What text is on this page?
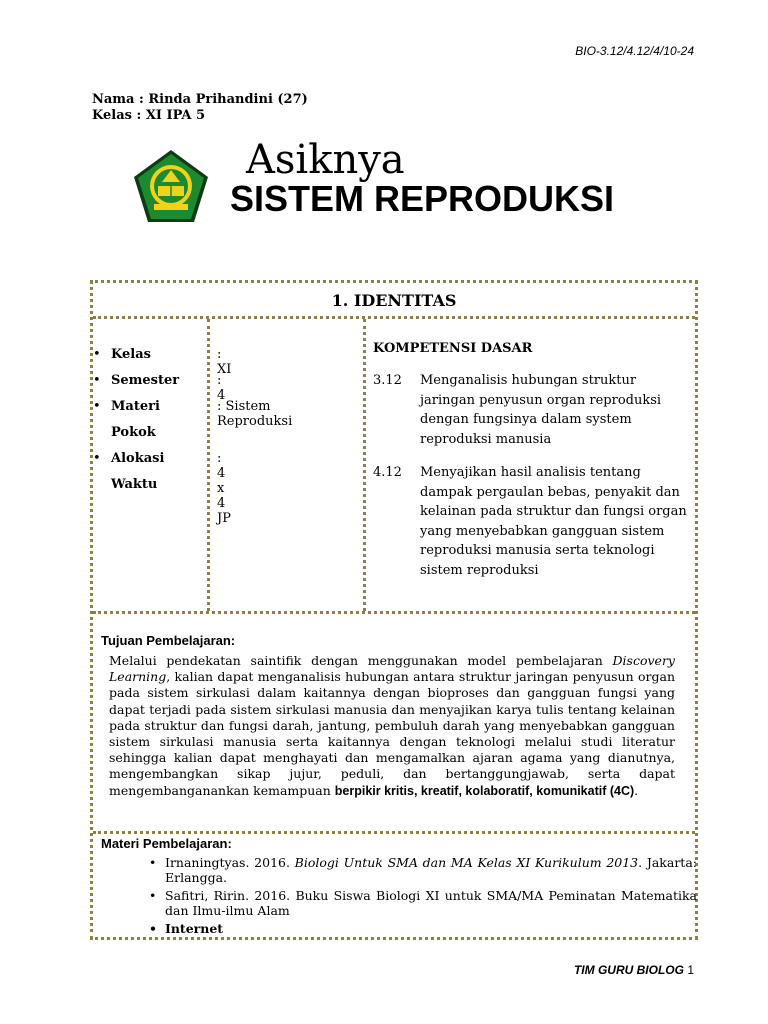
BIO-3.12/4.12/4/10-24
Nama : Rinda Prihandini (27)
Kelas : XI IPA 5
Asiknya
SISTEM REPRODUKSI
1. IDENTITAS
• Kelas	: XI
• Semester	: 4
• Materi
Pokok
: Sistem Reproduksi
• Alokasi
Waktu
: 4 x 4 JP
KOMPETENSI DASAR
3.12 Menganalisis hubungan struktur jaringan penyusun organ reproduksi dengan fungsinya dalam system reproduksi manusia
4.12 Menyajikan hasil analisis tentang dampak pergaulan bebas, penyakit dan kelainan pada struktur dan fungsi organ yang menyebabkan gangguan sistem reproduksi manusia serta teknologi sistem reproduksi
Tujuan Pembelajaran:
Melalui pendekatan saintifik dengan menggunakan model pembelajaran Discovery Learning, kalian dapat menganalisis hubungan antara struktur jaringan penyusun organ pada sistem sirkulasi dalam kaitannya dengan bioproses dan gangguan fungsi yang dapat terjadi pada sistem sirkulasi manusia dan menyajikan karya tulis tentang kelainan pada struktur dan fungsi darah, jantung, pembuluh darah yang menyebabkan gangguan sistem sirkulasi manusia serta kaitannya dengan teknologi melalui studi literatur sehingga kalian dapat menghayati dan mengamalkan ajaran agama yang dianutnya, mengembangkan sikap jujur, peduli, dan bertanggungjawab, serta dapat mengembanganankan kemampuan berpikir kritis, kreatif, kolaboratif, komunikatif (4C).
Materi Pembelajaran:
• Irnaningtyas. 2016. Biologi Untuk SMA dan MA Kelas XI Kurikulum 2013. Jakarta: Erlangga.
• Safitri, Ririn. 2016. Buku Siswa Biologi XI untuk SMA/MA Peminatan Matematika dan Ilmu-ilmu Alam
• Internet
TIM GURU BIOLOG 1
